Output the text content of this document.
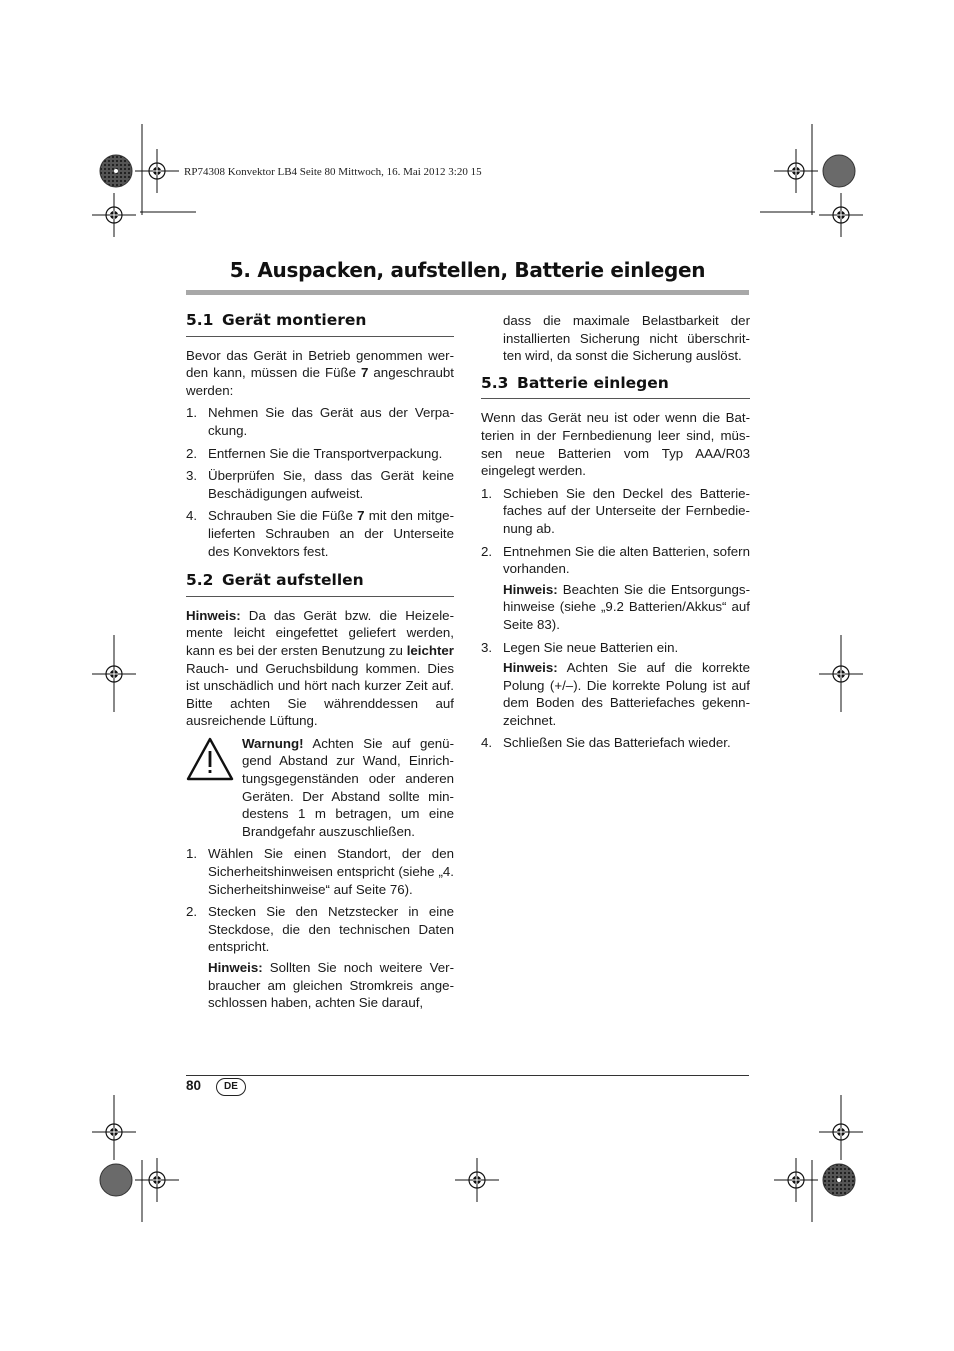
RP74308 Konvektor LB4 Seite 80 Mittwoch, 16. Mai 2012 3:20 15
5. Auspacken, aufstellen, Batterie einlegen
5.1 Gerät montieren

Bevor das Gerät in Betrieb genommen wer-den kann, müssen die Füße 7 angeschraubt werden:

1. Nehmen Sie das Gerät aus der Verpa-ckung.
2. Entfernen Sie die Transportverpackung.
3. Überprüfen Sie, dass das Gerät keine Beschädigungen aufweist.
4. Schrauben Sie die Füße 7 mit den mitge-lieferten Schrauben an der Unterseite des Konvektors fest.
5.2 Gerät aufstellen

Hinweis: Da das Gerät bzw. die Heizele-mente leicht eingefettet geliefert werden, kann es bei der ersten Benutzung zu leichter Rauch- und Geruchsbildung kommen. Dies ist unschädlich und hört nach kurzer Zeit auf. Bitte achten Sie währenddessen auf ausreichende Lüftung.

Warnung! Achten Sie auf genü-gend Abstand zur Wand, Einrich-tungsgegenständen oder anderen Geräten. Der Abstand sollte min-destens 1 m betragen, um eine Brandgefahr auszuschließen.

1. Wählen Sie einen Standort, der den Sicherheitshinweisen entspricht (siehe „4. Sicherheitshinweise“ auf Seite 76).
2. Stecken Sie den Netzstecker in eine Steckdose, die den technischen Daten entspricht.

Hinweis: Sollten Sie noch weitere Ver-braucher am gleichen Stromkreis ange-schlossen haben, achten Sie darauf,

dass die maximale Belastbarkeit der installierten Sicherung nicht überschrit-ten wird, da sonst die Sicherung auslöst.

5.3 Batterie einlegen

Wenn das Gerät neu ist oder wenn die Bat-terien in der Fernbedienung leer sind, müs-sen neue Batterien vom Typ AAA/R03 eingelegt werden.

1. Schieben Sie den Deckel des Batterie-faches auf der Unterseite der Fernbedie-nung ab.
2. Entnehmen Sie die alten Batterien, sofern vorhanden.

Hinweis: Beachten Sie die Entsorgungs-hinweise (siehe „9.2 Batterien/Akkus“ auf Seite 83).

3. Legen Sie neue Batterien ein.

Hinweis: Achten Sie auf die korrekte Polung (+/–). Die korrekte Polung ist auf dem Boden des Batteriefaches gekenn-zeichnet.

4. Schließen Sie das Batteriefach wieder.
80	DE
